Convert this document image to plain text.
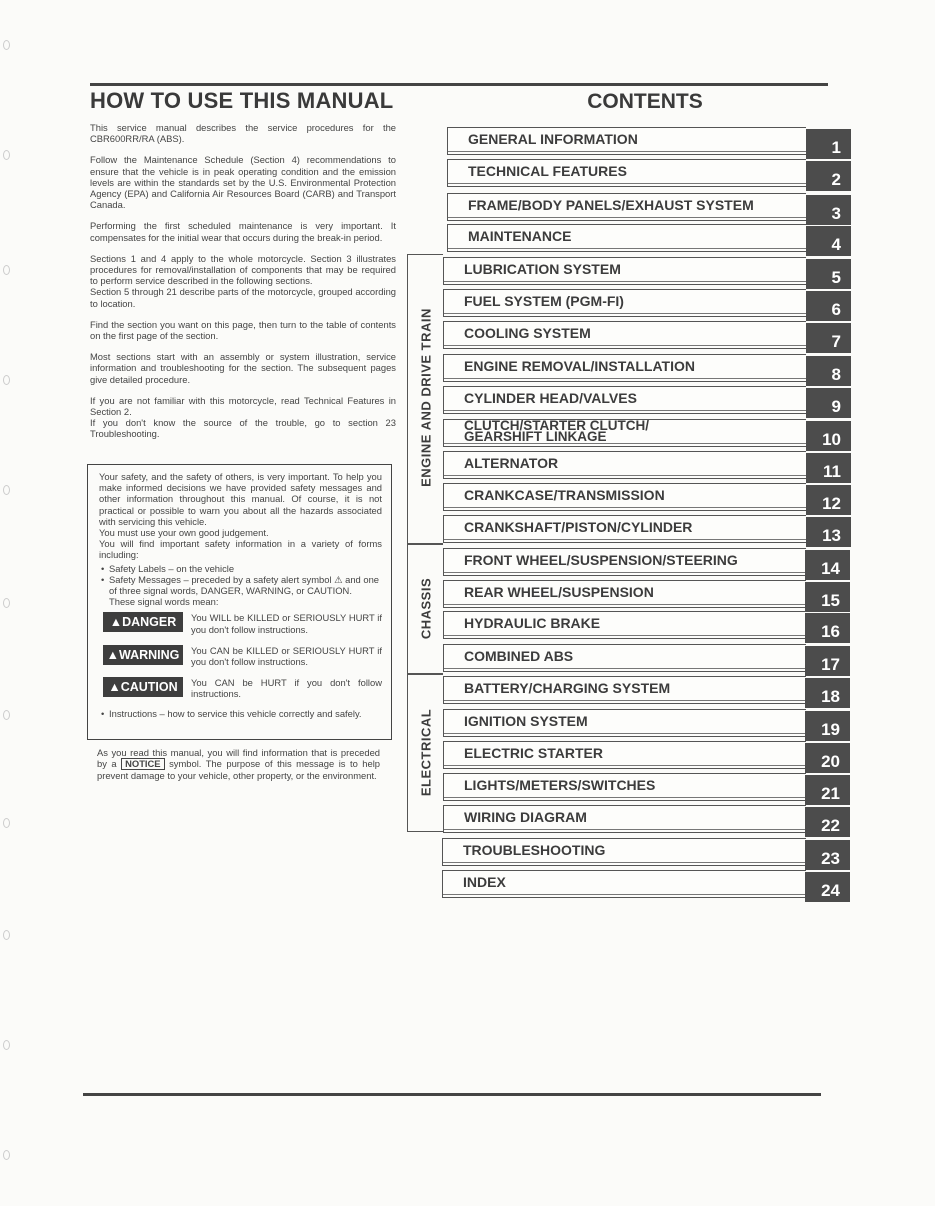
HOW TO USE THIS MANUAL

This service manual describes the service procedures for the CBR600RR/RA (ABS).

Follow the Maintenance Schedule (Section 4) recommendations to ensure that the vehicle is in peak operating condition and the emission levels are within the standards set by the U.S. Environmental Protection Agency (EPA) and California Air Resources Board (CARB) and Transport Canada.

Performing the first scheduled maintenance is very important. It compensates for the initial wear that occurs during the break-in period.

Sections 1 and 4 apply to the whole motorcycle. Section 3 illustrates procedures for removal/installation of components that may be required to perform service described in the following sections.

Section 5 through 21 describe parts of the motorcycle, grouped according to location.

Find the section you want on this page, then turn to the table of contents on the first page of the section.

Most sections start with an assembly or system illustration, service information and troubleshooting for the section. The subsequent pages give detailed procedure.

If you are not familiar with this motorcycle, read Technical Features in Section 2.

If you don't know the source of the trouble, go to section 23 Troubleshooting.

Your safety, and the safety of others, is very important. To help you make informed decisions we have provided safety messages and other information throughout this manual. Of course, it is not practical or possible to warn you about all the hazards associated with servicing this vehicle.

You must use your own good judgement.

You will find important safety information in a variety of forms including:

• Safety Labels – on the vehicle
• Safety Messages – preceded by a safety alert symbol ⚠ and one of three signal words, DANGER, WARNING, or CAUTION.

These signal words mean:

▲DANGER	You WILL be KILLED or SERIOUSLY HURT if you don't follow instructions.
▲WARNING	You CAN be KILLED or SERIOUSLY HURT if you don't follow instructions.
▲CAUTION	You CAN be HURT if you don't follow instructions.
• Instructions – how to service this vehicle correctly and safely.
As you read this manual, you will find information that is preceded by a NOTICE symbol. The purpose of this message is to help prevent damage to your vehicle, other property, or the environment.
CONTENTS
ENGINE AND DRIVE TRAIN
CHASSIS
ELECTRICAL
GENERAL INFORMATION	1
TECHNICAL FEATURES	2
FRAME/BODY PANELS/EXHAUST SYSTEM	3
MAINTENANCE	4
LUBRICATION SYSTEM	5
FUEL SYSTEM (PGM-FI)	6
COOLING SYSTEM	7
ENGINE REMOVAL/INSTALLATION	8
CYLINDER HEAD/VALVES	9
CLUTCH/STARTER CLUTCH/
GEARSHIFT LINKAGE	10
ALTERNATOR	11
CRANKCASE/TRANSMISSION	12
CRANKSHAFT/PISTON/CYLINDER	13
FRONT WHEEL/SUSPENSION/STEERING	14
REAR WHEEL/SUSPENSION	15
HYDRAULIC BRAKE	16
COMBINED ABS	17
BATTERY/CHARGING SYSTEM	18
IGNITION SYSTEM	19
ELECTRIC STARTER	20
LIGHTS/METERS/SWITCHES	21
WIRING DIAGRAM	22
TROUBLESHOOTING	23
INDEX	24
